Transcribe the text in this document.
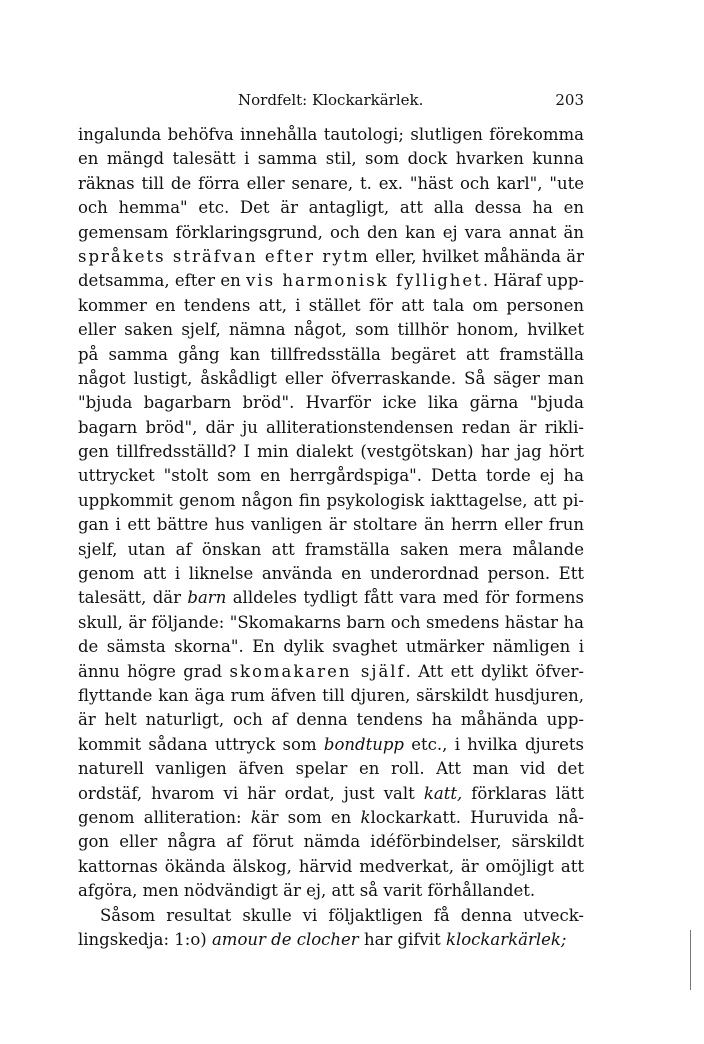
Nordfelt: Klockarkärlek.	203
ingalunda behöfva innehålla tautologi; slutligen förekomma
en mängd talesätt i samma stil, som dock hvarken kunna
räknas till de förra eller senare, t. ex. "häst och karl", "ute
och hemma" etc. Det är antagligt, att alla dessa ha en
gemensam förklaringsgrund, och den kan ej vara annat än
språkets sträfvan efter rytm eller, hvilket måhända är
detsamma, efter en vis harmonisk fyllighet. Häraf upp-
kommer en tendens att, i stället för att tala om personen
eller saken sjelf, nämna något, som tillhör honom, hvilket
på samma gång kan tillfredsställa begäret att framställa
något lustigt, åskådligt eller öfverraskande. Så säger man
"bjuda bagarbarn bröd". Hvarför icke lika gärna "bjuda
bagarn bröd", där ju alliterationstendensen redan är rikli-
gen tillfredsställd? I min dialekt (vestgötskan) har jag hört
uttrycket "stolt som en herrgårdspiga". Detta torde ej ha
uppkommit genom någon fin psykologisk iakttagelse, att pi-
gan i ett bättre hus vanligen är stoltare än herrn eller frun
sjelf, utan af önskan att framställa saken mera målande
genom att i liknelse använda en underordnad person. Ett
talesätt, där barn alldeles tydligt fått vara med för formens
skull, är följande: "Skomakarns barn och smedens hästar ha
de sämsta skorna". En dylik svaghet utmärker nämligen i
ännu högre grad skomakaren själf. Att ett dylikt öfver-
flyttande kan äga rum äfven till djuren, särskildt husdjuren,
är helt naturligt, och af denna tendens ha måhända upp-
kommit sådana uttryck som bondtupp etc., i hvilka djurets
naturell vanligen äfven spelar en roll. Att man vid det
ordstäf, hvarom vi här ordat, just valt katt, förklaras lätt
genom alliteration: kär som en klockarkatt. Huruvida nå-
gon eller några af förut nämda idéförbindelser, särskildt
kattornas ökända älskog, härvid medverkat, är omöjligt att
afgöra, men nödvändigt är ej, att så varit förhållandet.
Såsom resultat skulle vi följaktligen få denna utveck-
lingskedja: 1:o) amour de clocher har gifvit klockarkärlek;
